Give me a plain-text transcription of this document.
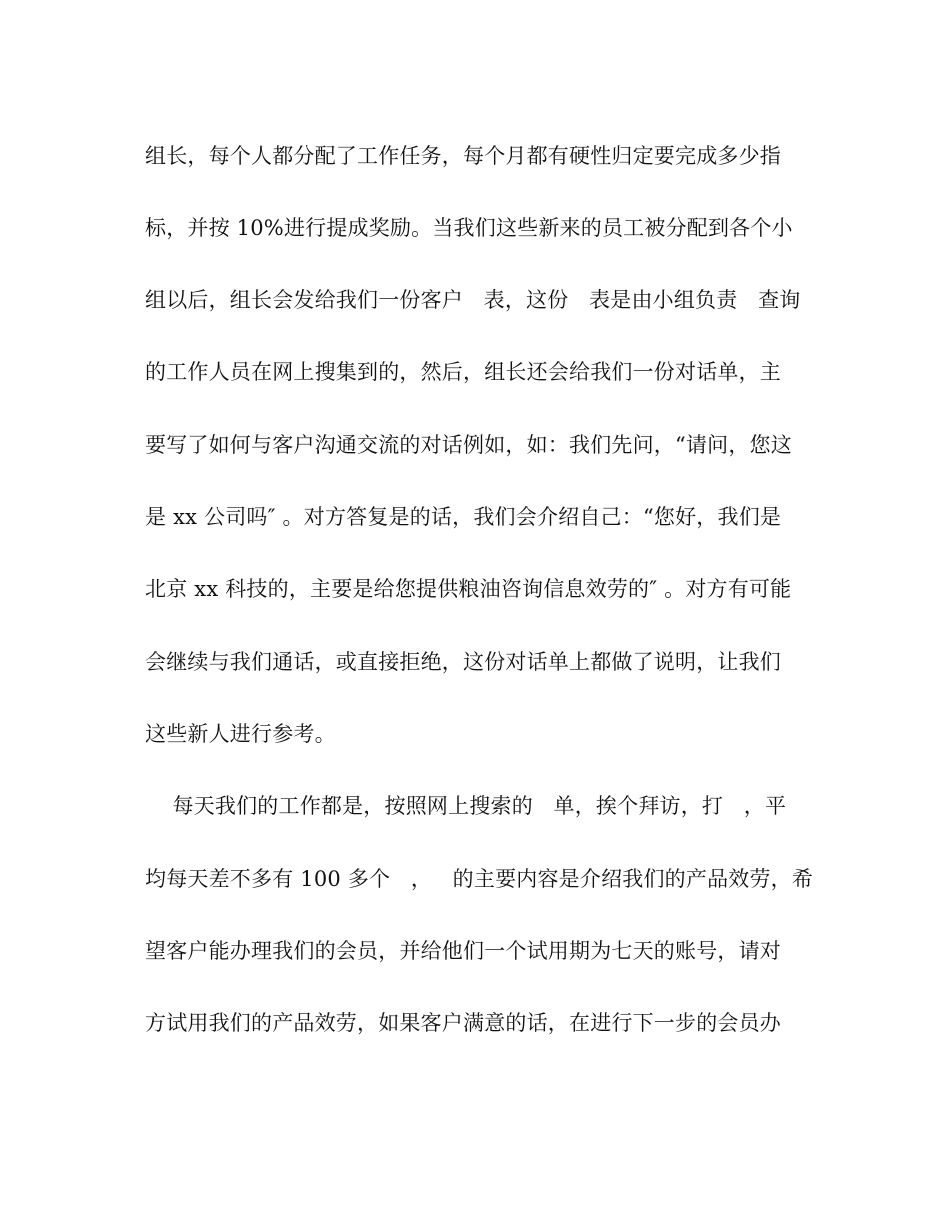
组长，每个人都分配了工作任务，每个月都有硬性归定要完成多少指
标，并按 10%进行提成奖励。当我们这些新来的员工被分配到各个小
组以后，组长会发给我们一份客户   表，这份   表是由小组负责   查询
的工作人员在网上搜集到的，然后，组长还会给我们一份对话单，主
要写了如何与客户沟通交流的对话例如，如：我们先问，“请问，您这
是 xx 公司吗″ 。对方答复是的话，我们会介绍自己：“您好，我们是
北京 xx 科技的，主要是给您提供粮油咨询信息效劳的″ 。对方有可能
会继续与我们通话，或直接拒绝，这份对话单上都做了说明，让我们
这些新人进行参考。
每天我们的工作都是，按照网上搜索的   单，挨个拜访，打   ，平
均每天差不多有 100 多个   ，   的主要内容是介绍我们的产品效劳，希
望客户能办理我们的会员，并给他们一个试用期为七天的账号，请对
方试用我们的产品效劳，如果客户满意的话，在进行下一步的会员办
